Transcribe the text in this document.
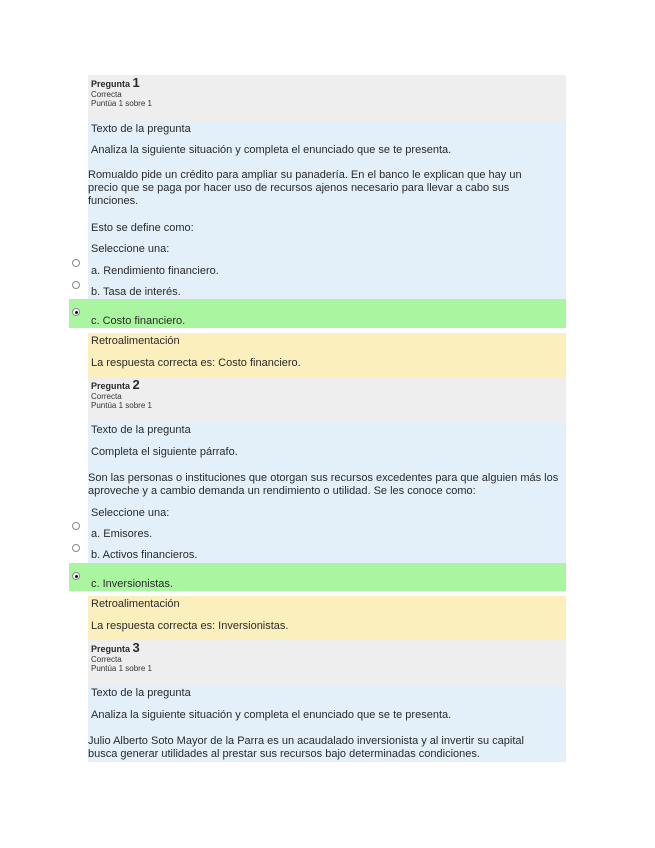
Pregunta 1
Correcta
Puntúa 1 sobre 1

Texto de la pregunta

Analiza la siguiente situación y completa el enunciado que se te presenta.

Romualdo pide un crédito para ampliar su panadería. En el banco le explican que hay un precio que se paga por hacer uso de recursos ajenos necesario para llevar a cabo sus funciones.

Esto se define como:

Seleccione una:

a. Rendimiento financiero.

b. Tasa de interés.

c. Costo financiero.

Retroalimentación

La respuesta correcta es: Costo financiero.

Pregunta 2
Correcta
Puntúa 1 sobre 1

Texto de la pregunta

Completa el siguiente párrafo.

Son las personas o instituciones que otorgan sus recursos excedentes para que alguien más los aproveche y a cambio demanda un rendimiento o utilidad. Se les conoce como:

Seleccione una:

a. Emisores.

b. Activos financieros.

c. Inversionistas.

Retroalimentación

La respuesta correcta es: Inversionistas.

Pregunta 3
Correcta
Puntúa 1 sobre 1

Texto de la pregunta

Analiza la siguiente situación y completa el enunciado que se te presenta.

Julio Alberto Soto Mayor de la Parra es un acaudalado inversionista y al invertir su capital busca generar utilidades al prestar sus recursos bajo determinadas condiciones.
